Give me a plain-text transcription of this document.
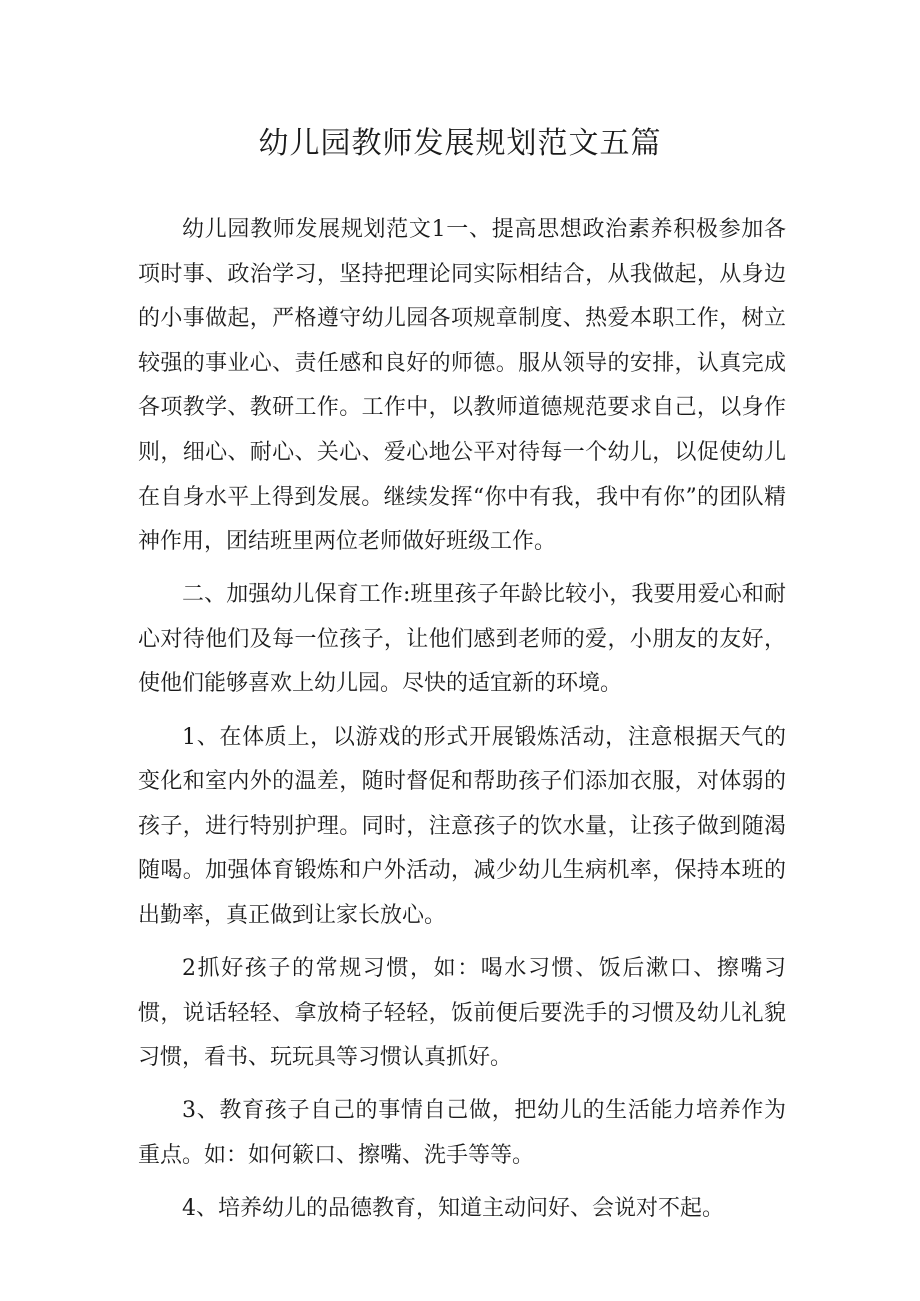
幼儿园教师发展规划范文五篇

幼儿园教师发展规划范文1一、提高思想政治素养积极参加各项时事、政治学习，坚持把理论同实际相结合，从我做起，从身边的小事做起，严格遵守幼儿园各项规章制度、热爱本职工作，树立较强的事业心、责任感和良好的师德。服从领导的安排，认真完成各项教学、教研工作。工作中，以教师道德规范要求自己，以身作则，细心、耐心、关心、爱心地公平对待每一个幼儿，以促使幼儿在自身水平上得到发展。继续发挥“你中有我，我中有你”的团队精神作用，团结班里两位老师做好班级工作。

二、加强幼儿保育工作:班里孩子年龄比较小，我要用爱心和耐心对待他们及每一位孩子，让他们感到老师的爱，小朋友的友好，使他们能够喜欢上幼儿园。尽快的适宜新的环境。

1、在体质上，以游戏的形式开展锻炼活动，注意根据天气的变化和室内外的温差，随时督促和帮助孩子们添加衣服，对体弱的孩子，进行特别护理。同时，注意孩子的饮水量，让孩子做到随渴随喝。加强体育锻炼和户外活动，减少幼儿生病机率，保持本班的出勤率，真正做到让家长放心。

2抓好孩子的常规习惯，如：喝水习惯、饭后漱口、擦嘴习惯，说话轻轻、拿放椅子轻轻，饭前便后要洗手的习惯及幼儿礼貌习惯，看书、玩玩具等习惯认真抓好。

3、教育孩子自己的事情自己做，把幼儿的生活能力培养作为重点。如：如何簌口、擦嘴、洗手等等。

4、培养幼儿的品德教育，知道主动问好、会说对不起。
